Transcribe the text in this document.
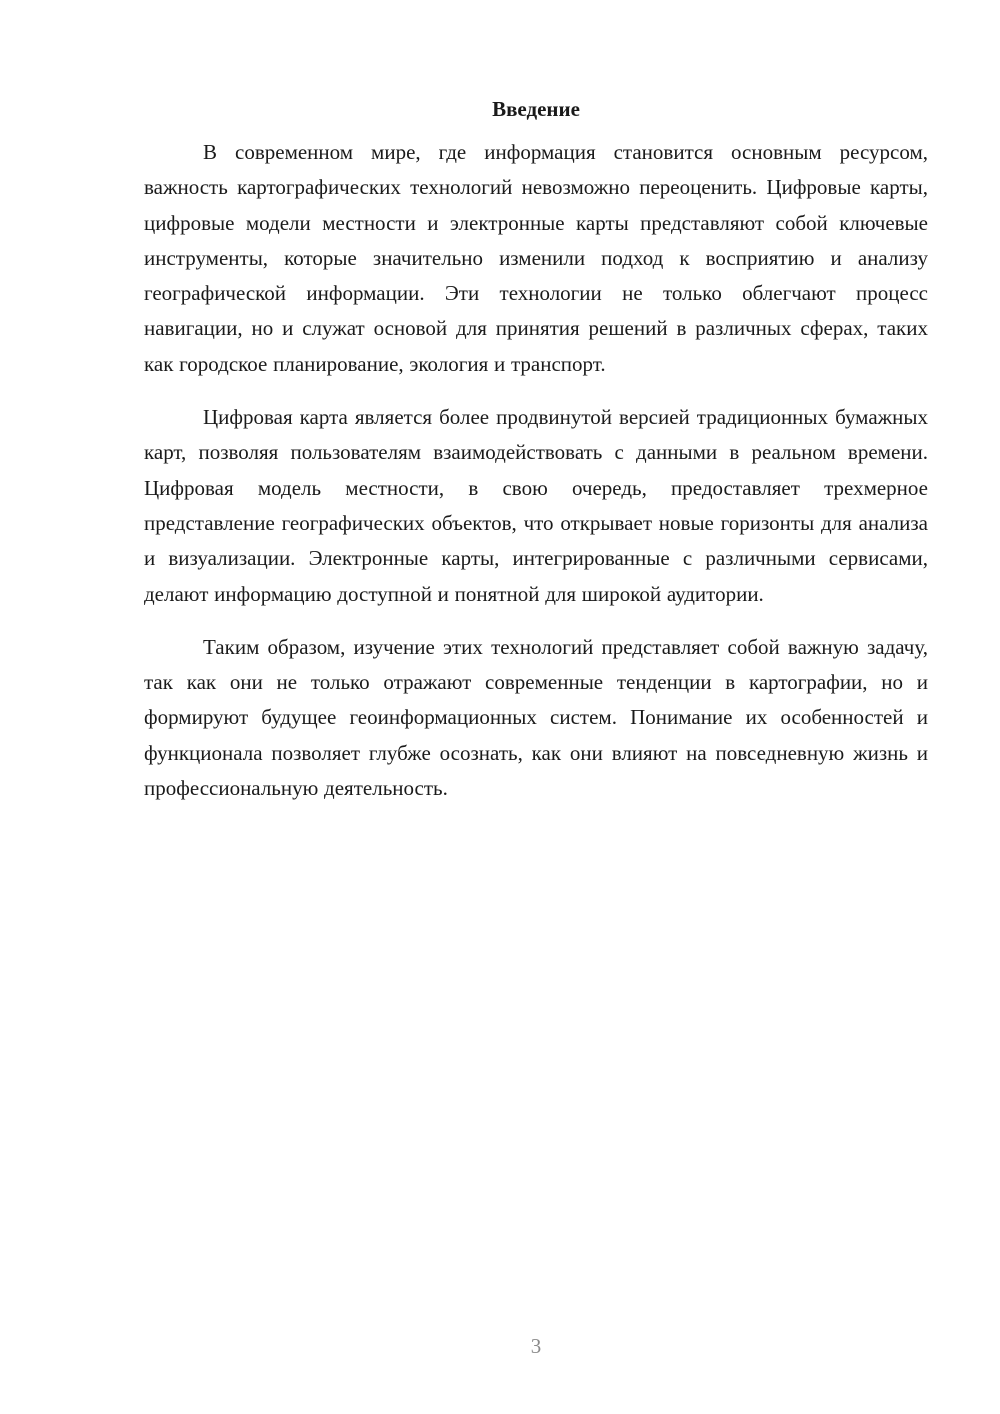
Введение

В современном мире, где информация становится основным ресурсом, важность картографических технологий невозможно переоценить. Цифровые карты, цифровые модели местности и электронные карты представляют собой ключевые инструменты, которые значительно изменили подход к восприятию и анализу географической информации. Эти технологии не только облегчают процесс навигации, но и служат основой для принятия решений в различных сферах, таких как городское планирование, экология и транспорт.

Цифровая карта является более продвинутой версией традиционных бумажных карт, позволяя пользователям взаимодействовать с данными в реальном времени. Цифровая модель местности, в свою очередь, предоставляет трехмерное представление географических объектов, что открывает новые горизонты для анализа и визуализации. Электронные карты, интегрированные с различными сервисами, делают информацию доступной и понятной для широкой аудитории.

Таким образом, изучение этих технологий представляет собой важную задачу, так как они не только отражают современные тенденции в картографии, но и формируют будущее геоинформационных систем. Понимание их особенностей и функционала позволяет глубже осознать, как они влияют на повседневную жизнь и профессиональную деятельность.

3
